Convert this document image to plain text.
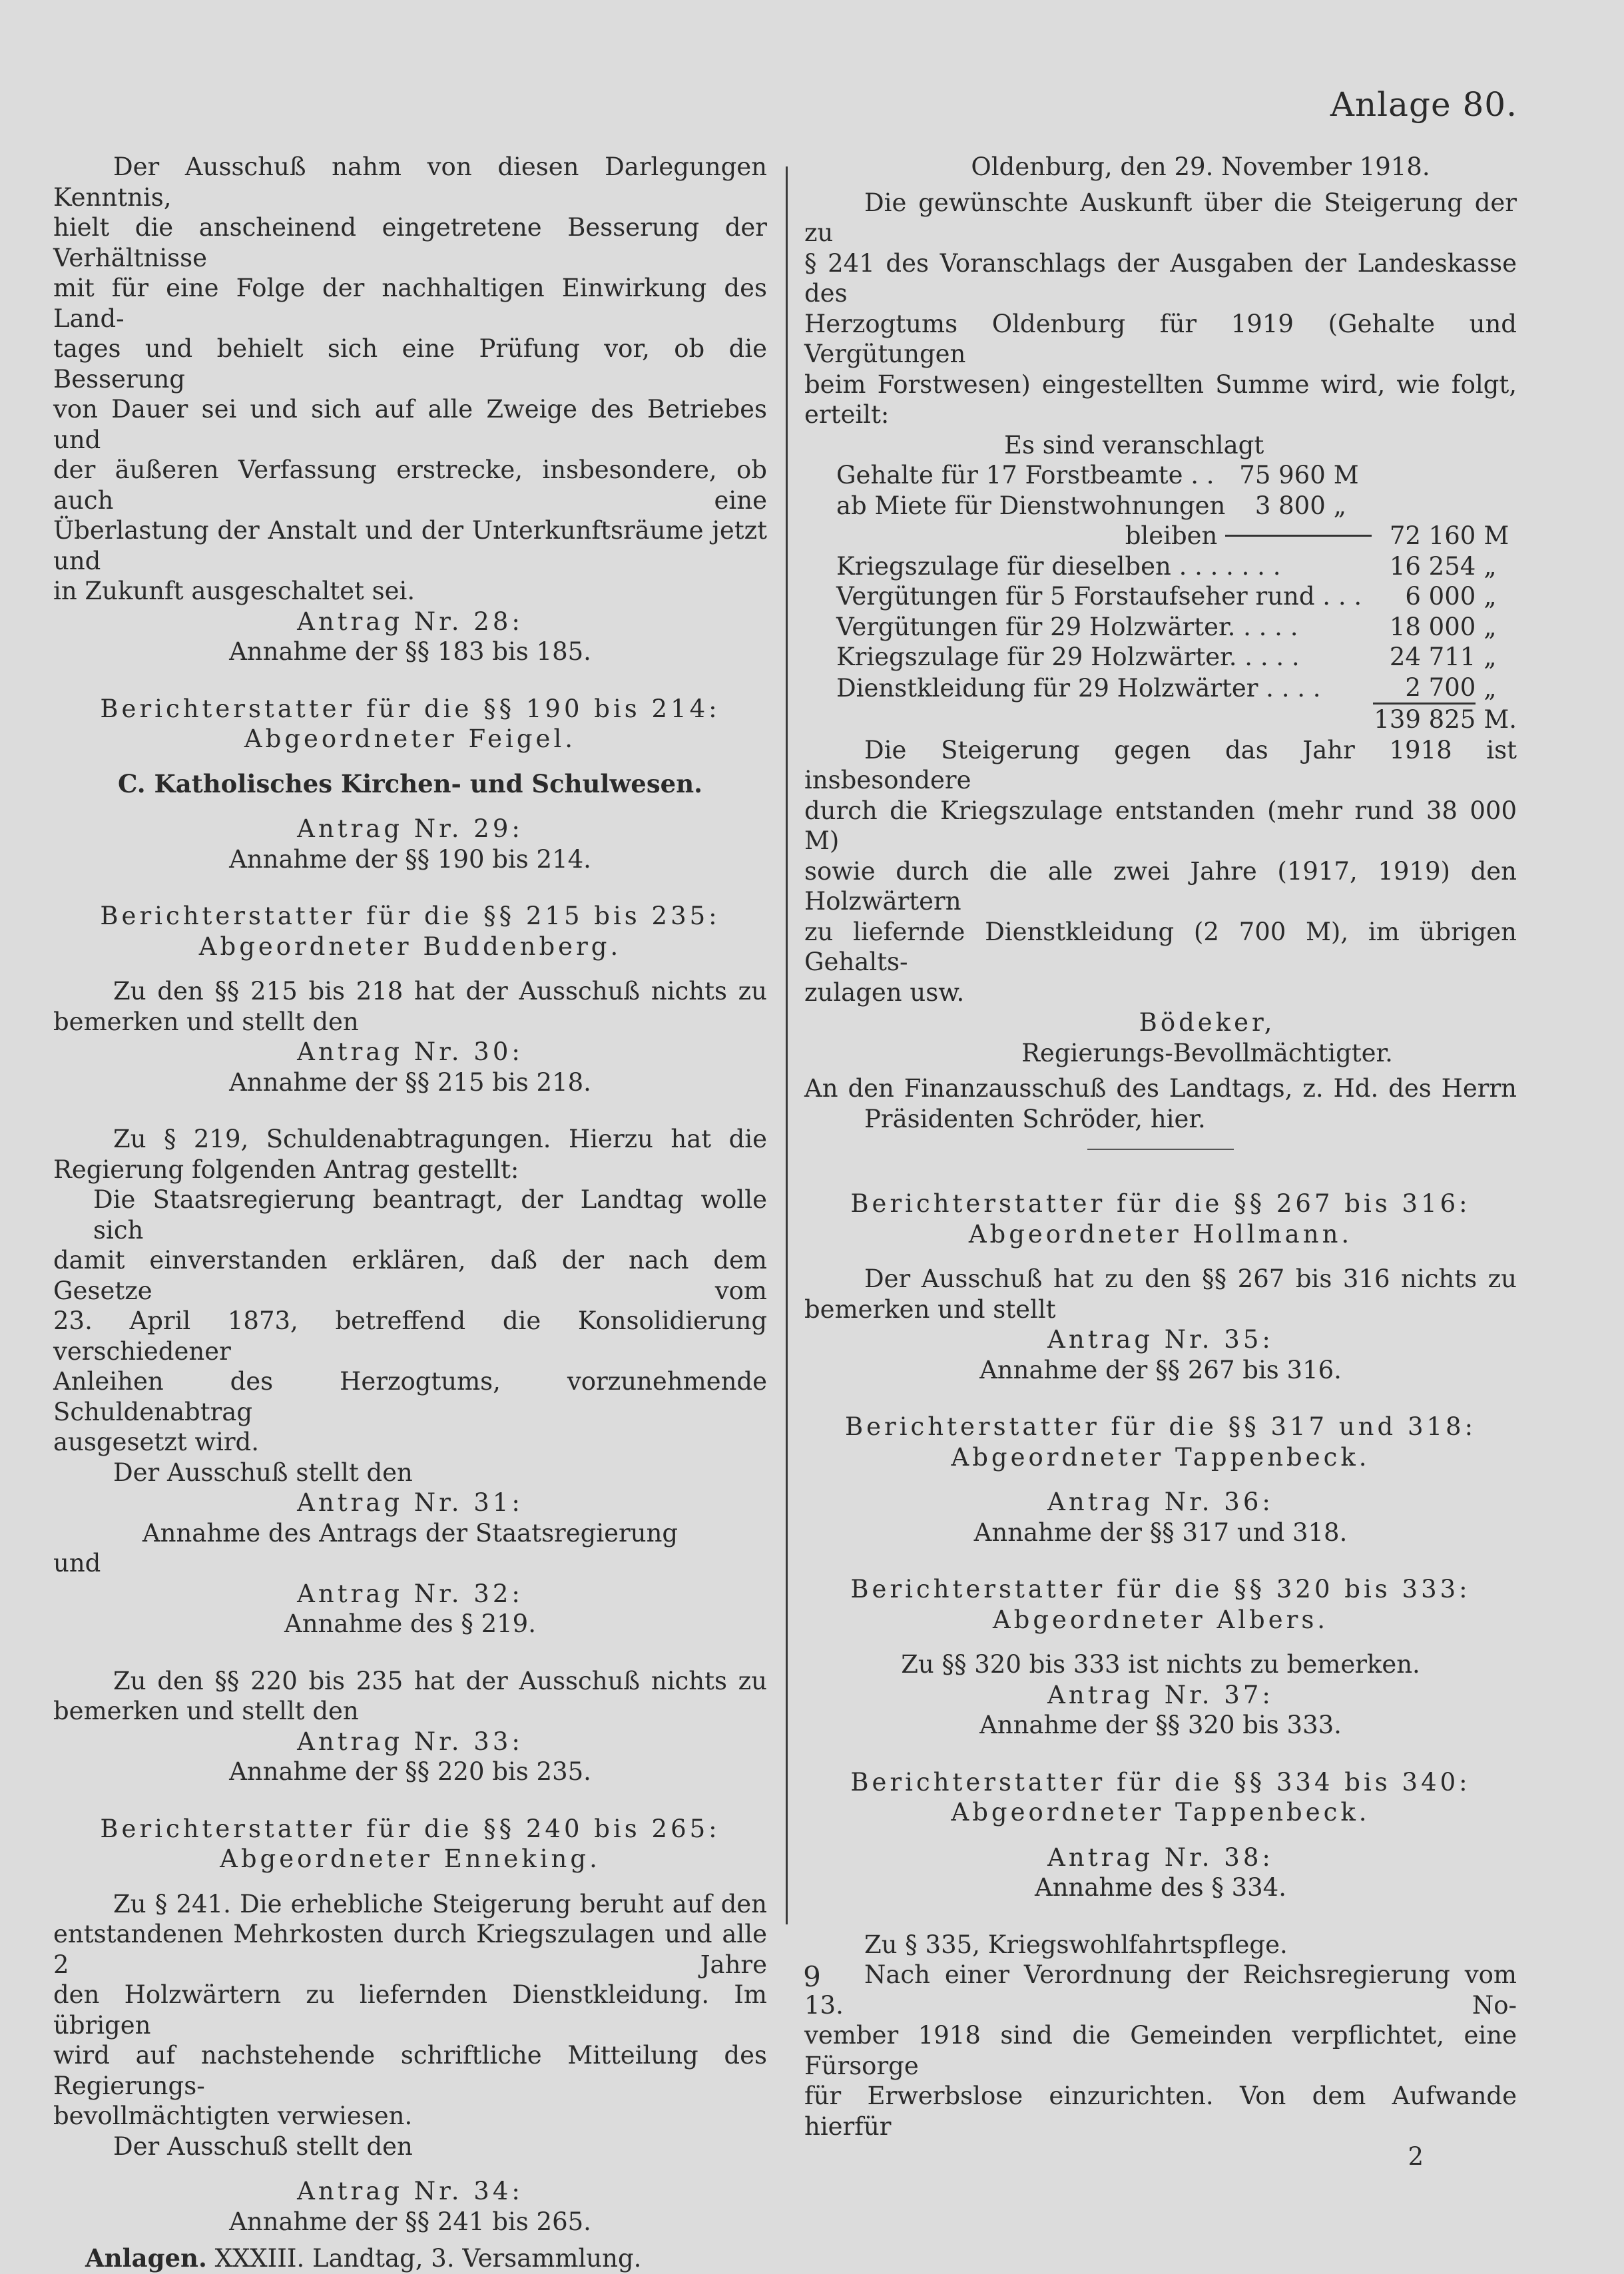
Anlage 80.

Der Ausschuß nahm von diesen Darlegungen Kenntnis,

hielt die anscheinend eingetretene Besserung der Verhältnisse

mit für eine Folge der nachhaltigen Einwirkung des Land-

tages und behielt sich eine Prüfung vor, ob die Besserung

von Dauer sei und sich auf alle Zweige des Betriebes und

der äußeren Verfassung erstrecke, insbesondere, ob auch eine

Überlastung der Anstalt und der Unterkunftsräume jetzt und

in Zukunft ausgeschaltet sei.

Antrag Nr. 28:

Annahme der §§ 183 bis 185.

Berichterstatter für die §§ 190 bis 214:

Abgeordneter Feigel.

C. Katholisches Kirchen- und Schulwesen.

Antrag Nr. 29:

Annahme der §§ 190 bis 214.

Berichterstatter für die §§ 215 bis 235:

Abgeordneter Buddenberg.

Zu den §§ 215 bis 218 hat der Ausschuß nichts zu

bemerken und stellt den

Antrag Nr. 30:

Annahme der §§ 215 bis 218.

Zu § 219, Schuldenabtragungen. Hierzu hat die

Regierung folgenden Antrag gestellt:

Die Staatsregierung beantragt, der Landtag wolle sich

damit einverstanden erklären, daß der nach dem Gesetze vom

23. April 1873, betreffend die Konsolidierung verschiedener

Anleihen des Herzogtums, vorzunehmende Schuldenabtrag

ausgesetzt wird.

Der Ausschuß stellt den

Antrag Nr. 31:

Annahme des Antrags der Staatsregierung

und

Antrag Nr. 32:

Annahme des § 219.

Zu den §§ 220 bis 235 hat der Ausschuß nichts zu

bemerken und stellt den

Antrag Nr. 33:

Annahme der §§ 220 bis 235.

Berichterstatter für die §§ 240 bis 265:

Abgeordneter Enneking.

Zu § 241. Die erhebliche Steigerung beruht auf den

entstandenen Mehrkosten durch Kriegszulagen und alle 2 Jahre

den Holzwärtern zu liefernden Dienstkleidung. Im übrigen

wird auf nachstehende schriftliche Mitteilung des Regierungs-

bevollmächtigten verwiesen.

Der Ausschuß stellt den

Antrag Nr. 34:

Annahme der §§ 241 bis 265.

Anlagen. XXXIII. Landtag, 3. Versammlung.

Oldenburg, den 29. November 1918.

Die gewünschte Auskunft über die Steigerung der zu

§ 241 des Voranschlags der Ausgaben der Landeskasse des

Herzogtums Oldenburg für 1919 (Gehalte und Vergütungen

beim Forstwesen) eingestellten Summe wird, wie folgt, erteilt:

Es sind veranschlagt

Gehalte für 17 Forstbeamte . .	75 960	M		
ab Miete für Dienstwohnungen	3 800	„		
bleiben			72 160	M
Kriegszulage für dieselben . . . . . . .			16 254	„
Vergütungen für 5 Forstaufseher rund . . .			6 000	„
Vergütungen für 29 Holzwärter. . . . .			18 000	„
Kriegszulage für 29 Holzwärter. . . . .			24 711	„
Dienstkleidung für 29 Holzwärter . . . .			2 700	„
			139 825	M.

Die Steigerung gegen das Jahr 1918 ist insbesondere

durch die Kriegszulage entstanden (mehr rund 38 000 M)

sowie durch die alle zwei Jahre (1917, 1919) den Holzwärtern

zu liefernde Dienstkleidung (2 700 M), im übrigen Gehalts-

zulagen usw.

Bödeker,

Regierungs-Bevollmächtigter.

An den Finanzausschuß des Landtags, z. Hd. des Herrn

Präsidenten Schröder, hier.

Berichterstatter für die §§ 267 bis 316:

Abgeordneter Hollmann.

Der Ausschuß hat zu den §§ 267 bis 316 nichts zu

bemerken und stellt

Antrag Nr. 35:

Annahme der §§ 267 bis 316.

Berichterstatter für die §§ 317 und 318:

Abgeordneter Tappenbeck.

Antrag Nr. 36:

Annahme der §§ 317 und 318.

Berichterstatter für die §§ 320 bis 333:

Abgeordneter Albers.

Zu §§ 320 bis 333 ist nichts zu bemerken.

Antrag Nr. 37:

Annahme der §§ 320 bis 333.

Berichterstatter für die §§ 334 bis 340:

Abgeordneter Tappenbeck.

Antrag Nr. 38:

Annahme des § 334.

Zu § 335, Kriegswohlfahrtspflege.

Nach einer Verordnung der Reichsregierung vom 13. No-

vember 1918 sind die Gemeinden verpflichtet, eine Fürsorge

für Erwerbslose einzurichten. Von dem Aufwande hierfür

2

9
